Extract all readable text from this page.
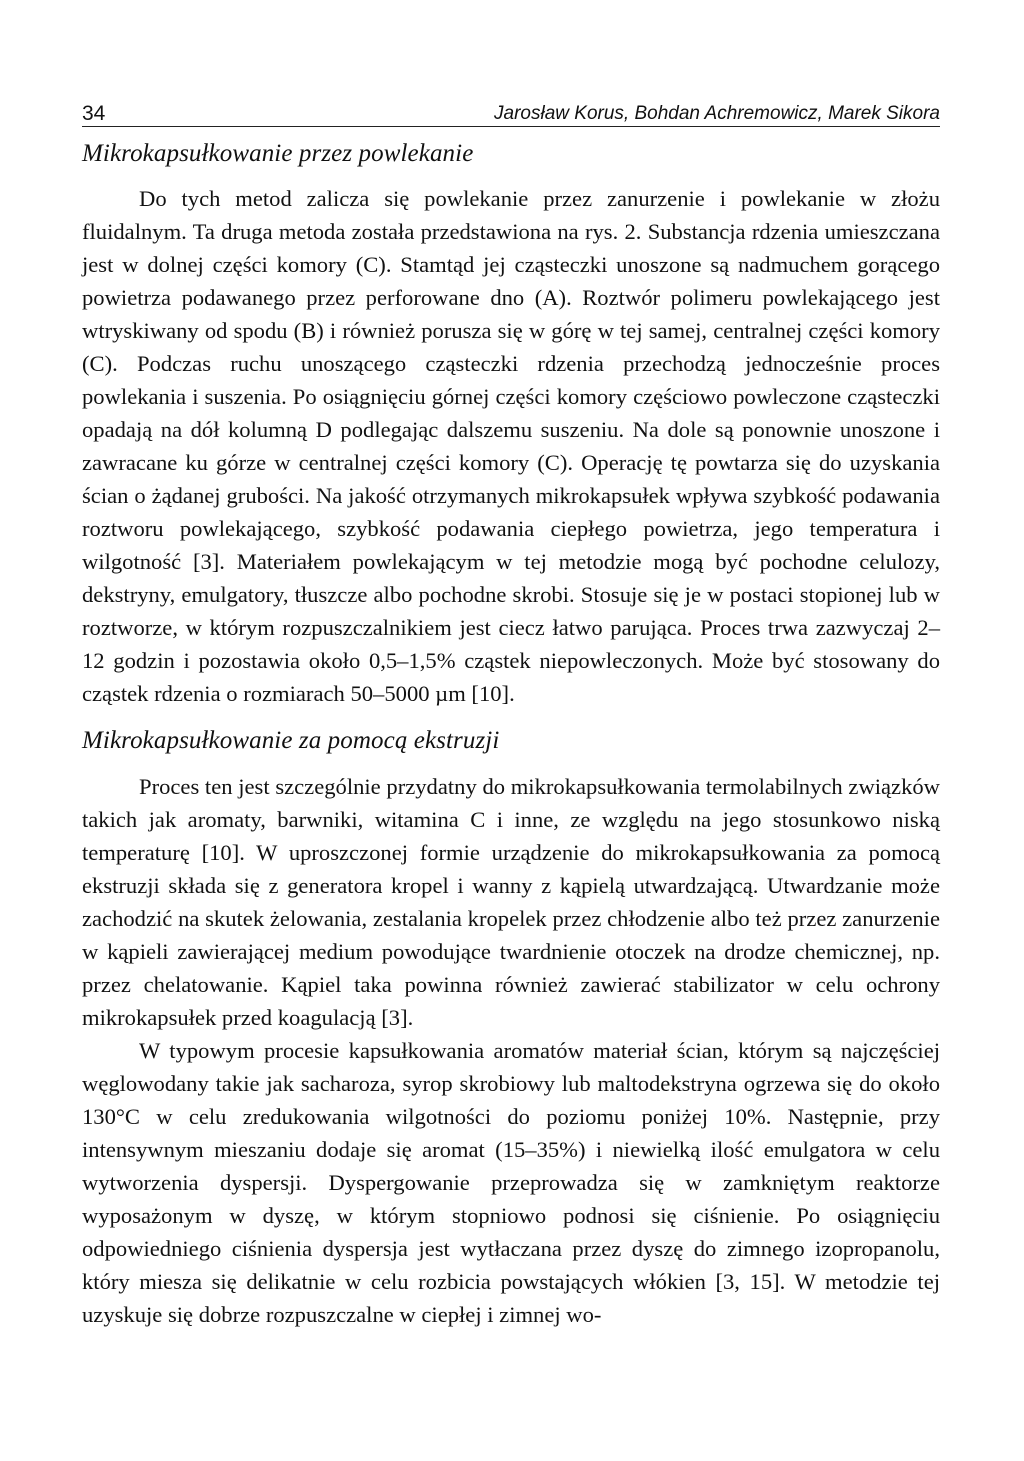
34	Jarosław Korus, Bohdan Achremowicz, Marek Sikora
Mikrokapsułkowanie przez powlekanie

Do tych metod zalicza się powlekanie przez zanurzenie i powlekanie w złożu fluidalnym. Ta druga metoda została przedstawiona na rys. 2. Substancja rdzenia umieszczana jest w dolnej części komory (C). Stamtąd jej cząsteczki unoszone są nadmuchem gorącego powietrza podawanego przez perforowane dno (A). Roztwór polimeru powlekającego jest wtryskiwany od spodu (B) i również porusza się w górę w tej samej, centralnej części komory (C). Podczas ruchu unoszącego cząsteczki rdzenia przechodzą jednocześnie proces powlekania i suszenia. Po osiągnięciu górnej części komory częściowo powleczone cząsteczki opadają na dół kolumną D podlegając dalszemu suszeniu. Na dole są ponownie unoszone i zawracane ku górze w centralnej części komory (C). Operację tę powtarza się do uzyskania ścian o żądanej grubości. Na jakość otrzymanych mikrokapsułek wpływa szybkość podawania roztworu powlekającego, szybkość podawania ciepłego powietrza, jego temperatura i wilgotność [3]. Materiałem powlekającym w tej metodzie mogą być pochodne celulozy, dekstryny, emulgatory, tłuszcze albo pochodne skrobi. Stosuje się je w postaci stopionej lub w roztworze, w którym rozpuszczalnikiem jest ciecz łatwo parująca. Proces trwa zazwyczaj 2–12 godzin i pozostawia około 0,5–1,5% cząstek niepowleczonych. Może być stosowany do cząstek rdzenia o rozmiarach 50–5000 µm [10].

Mikrokapsułkowanie za pomocą ekstruzji

Proces ten jest szczególnie przydatny do mikrokapsułkowania termolabilnych związków takich jak aromaty, barwniki, witamina C i inne, ze względu na jego stosunkowo niską temperaturę [10]. W uproszczonej formie urządzenie do mikrokapsułkowania za pomocą ekstruzji składa się z generatora kropel i wanny z kąpielą utwardzającą. Utwardzanie może zachodzić na skutek żelowania, zestalania kropelek przez chłodzenie albo też przez zanurzenie w kąpieli zawierającej medium powodujące twardnienie otoczek na drodze chemicznej, np. przez chelatowanie. Kąpiel taka powinna również zawierać stabilizator w celu ochrony mikrokapsułek przed koagulacją [3].

W typowym procesie kapsułkowania aromatów materiał ścian, którym są najczęściej węglowodany takie jak sacharoza, syrop skrobiowy lub maltodekstryna ogrzewa się do około 130°C w celu zredukowania wilgotności do poziomu poniżej 10%. Następnie, przy intensywnym mieszaniu dodaje się aromat (15–35%) i niewielką ilość emulgatora w celu wytworzenia dyspersji. Dyspergowanie przeprowadza się w zamkniętym reaktorze wyposażonym w dyszę, w którym stopniowo podnosi się ciśnienie. Po osiągnięciu odpowiedniego ciśnienia dyspersja jest wytłaczana przez dyszę do zimnego izopropanolu, który miesza się delikatnie w celu rozbicia powstających włókien [3, 15]. W metodzie tej uzyskuje się dobrze rozpuszczalne w ciepłej i zimnej wo-
